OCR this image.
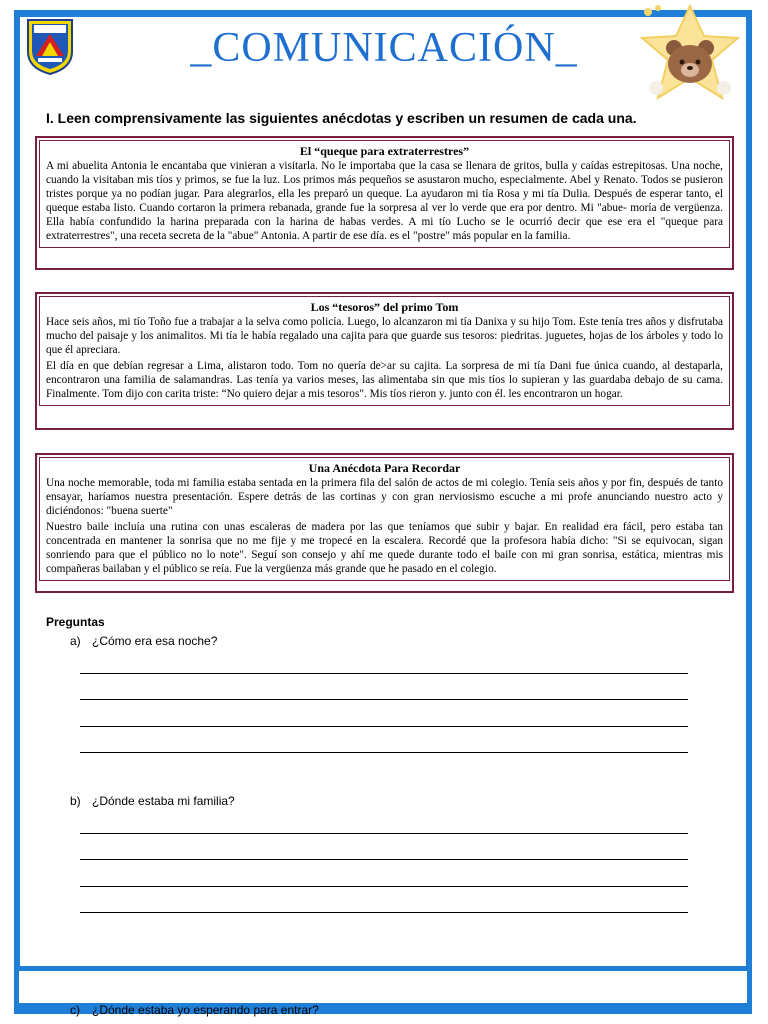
_COMUNICACIÓN_
I. Leen comprensivamente las siguientes anécdotas y escriben un resumen de cada una.
El “queque para extraterrestres”

A mi abuelita Antonia le encantaba que vinieran a visitarla. No le importaba que la casa se llenara de gritos, bulla y caídas estrepitosas. Una noche, cuando la visitaban mis tíos y primos, se fue la luz. Los primos más pequeños se asustaron mucho, especialmente. Abel y Renato. Todos se pusieron tristes porque ya no podían jugar. Para alegrarlos, ella les preparó un queque. La ayudaron mi tía Rosa y mi tía Dulia. Después de esperar tanto, el queque estaba listo. Cuando cortaron la primera rebanada, grande fue la sorpresa al ver lo verde que era por dentro. Mi "abue- moría de vergüenza. Ella había confundido la harina preparada con la harina de habas verdes. A mi tío Lucho se le ocurrió decir que ese era el "queque para extraterrestres", una receta secreta de la "abue" Antonia. A partir de ese día. es el "postre" más popular en la familia.

Los “tesoros” del primo Tom

Hace seis años, mi tío Toño fue a trabajar a la selva como policía. Luego, lo alcanzaron mi tía Danixa y su hijo Tom. Este tenía tres años y disfrutaba mucho del paisaje y los animalitos. Mi tía le había regalado una cajita para que guarde sus tesoros: piedritas. juguetes, hojas de los árboles y todo lo que él apreciara.

El día en que debían regresar a Lima, alistaron todo. Tom no quería de>ar su cajita. La sorpresa de mi tía Dani fue única cuando, al destaparla, encontraron una familia de salamandras. Las tenía ya varios meses, las alimentaba sin que mis tíos lo supieran y las guardaba debajo de su cama. Finalmente. Tom dijo con carita triste: “No quiero dejar a mis tesoros". Mis tíos rieron y. junto con él. les encontraron un hogar.

Una Anécdota Para Recordar

Una noche memorable, toda mi familia estaba sentada en la primera fila del salón de actos de mi colegio. Tenía seis años y por fin, después de tanto ensayar, haríamos nuestra presentación. Espere detrás de las cortinas y con gran nerviosismo escuche a mi profe anunciando nuestro acto y diciéndonos: "buena suerte"

Nuestro baile incluía una rutina con unas escaleras de madera por las que teníamos que subir y bajar. En realidad era fácil, pero estaba tan concentrada en mantener la sonrisa que no me fije y me tropecé en la escalera. Recordé que la profesora había dicho: "Si se equivocan, sigan sonriendo para que el público no lo note". Seguí son consejo y ahí me quede durante todo el baile con mi gran sonrisa, estática, mientras mis compañeras bailaban y el público se reía. Fue la vergüenza más grande que he pasado en el colegio.

Preguntas
a) ¿Cómo era esa noche?
b) ¿Dónde estaba mi familia?
c) ¿Dónde estaba yo esperando para entrar?
